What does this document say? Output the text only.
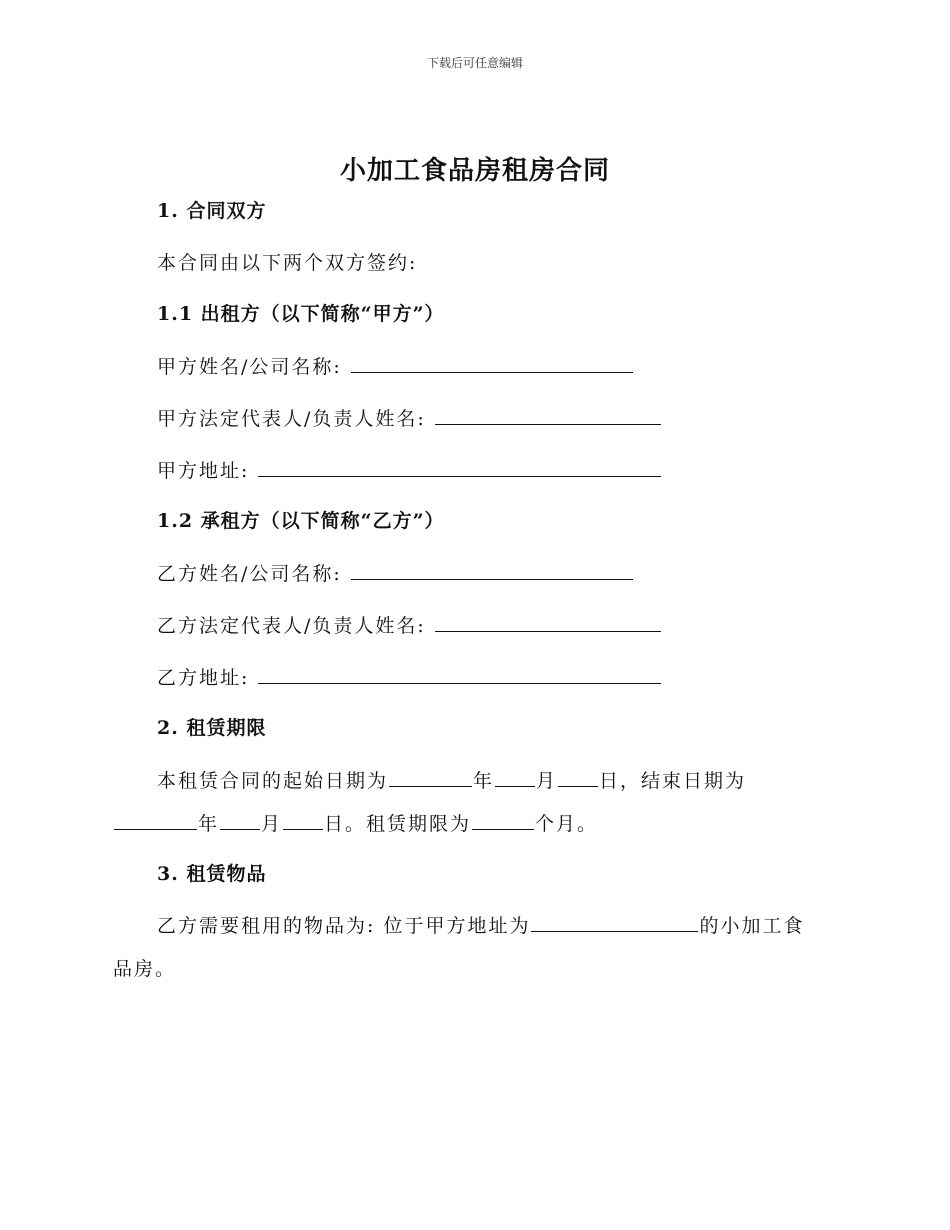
下载后可任意编辑
小加工食品房租房合同
1. 合同双方
本合同由以下两个双方签约:
1.1 出租方（以下简称“甲方”）
甲方姓名/公司名称:
甲方法定代表人/负责人姓名:
甲方地址:
1.2 承租方（以下简称“乙方”）
乙方姓名/公司名称:
乙方法定代表人/负责人姓名:
乙方地址:
2. 租赁期限
本租赁合同的起始日期为	年 月 日，结束日期为
年 月 日。租赁期限为	个月。
3. 租赁物品
乙方需要租用的物品为: 位于甲方地址为	的小加工食
品房。
